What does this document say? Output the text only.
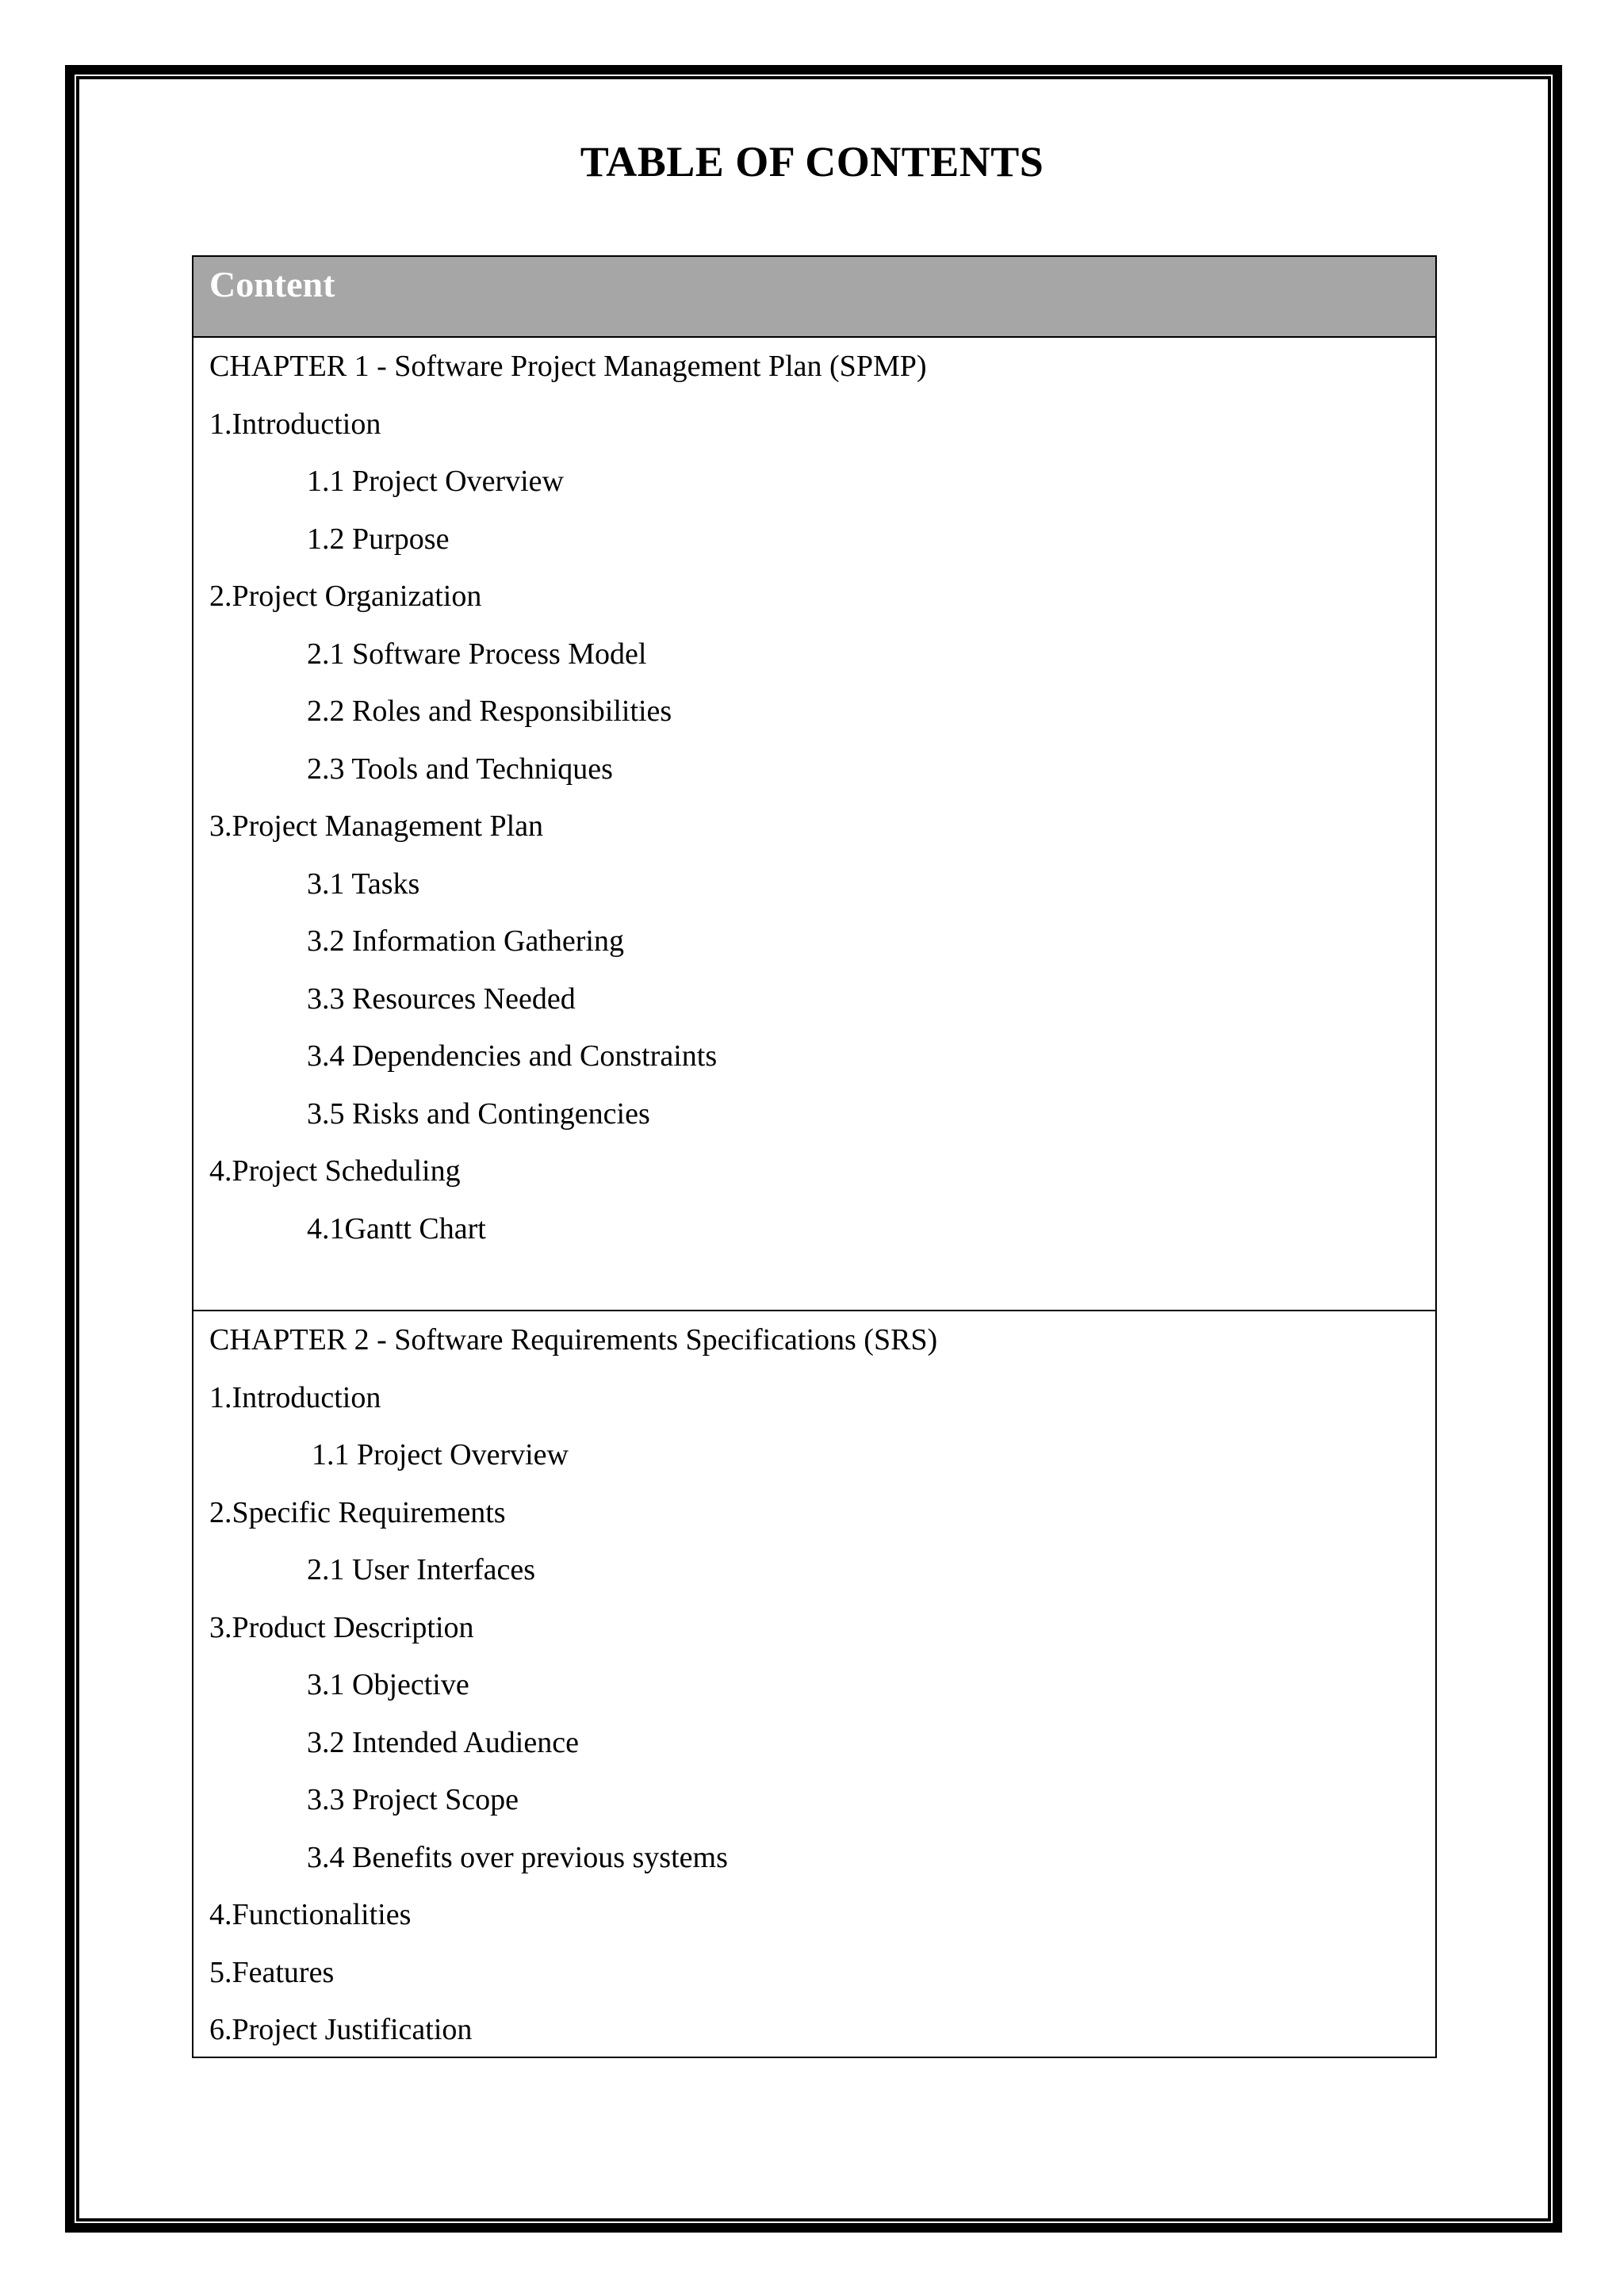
TABLE OF CONTENTS
Content
CHAPTER 1 - Software Project Management Plan (SPMP)
1.Introduction
1.1 Project Overview
1.2 Purpose
2.Project Organization
2.1 Software Process Model
2.2 Roles and Responsibilities
2.3 Tools and Techniques
3.Project Management Plan
3.1 Tasks
3.2 Information Gathering
3.3 Resources Needed
3.4 Dependencies and Constraints
3.5 Risks and Contingencies
4.Project Scheduling
4.1Gantt Chart
CHAPTER 2 - Software Requirements Specifications (SRS)
1.Introduction
1.1 Project Overview
2.Specific Requirements
2.1 User Interfaces
3.Product Description
3.1 Objective
3.2 Intended Audience
3.3 Project Scope
3.4 Benefits over previous systems
4.Functionalities
5.Features
6.Project Justification
